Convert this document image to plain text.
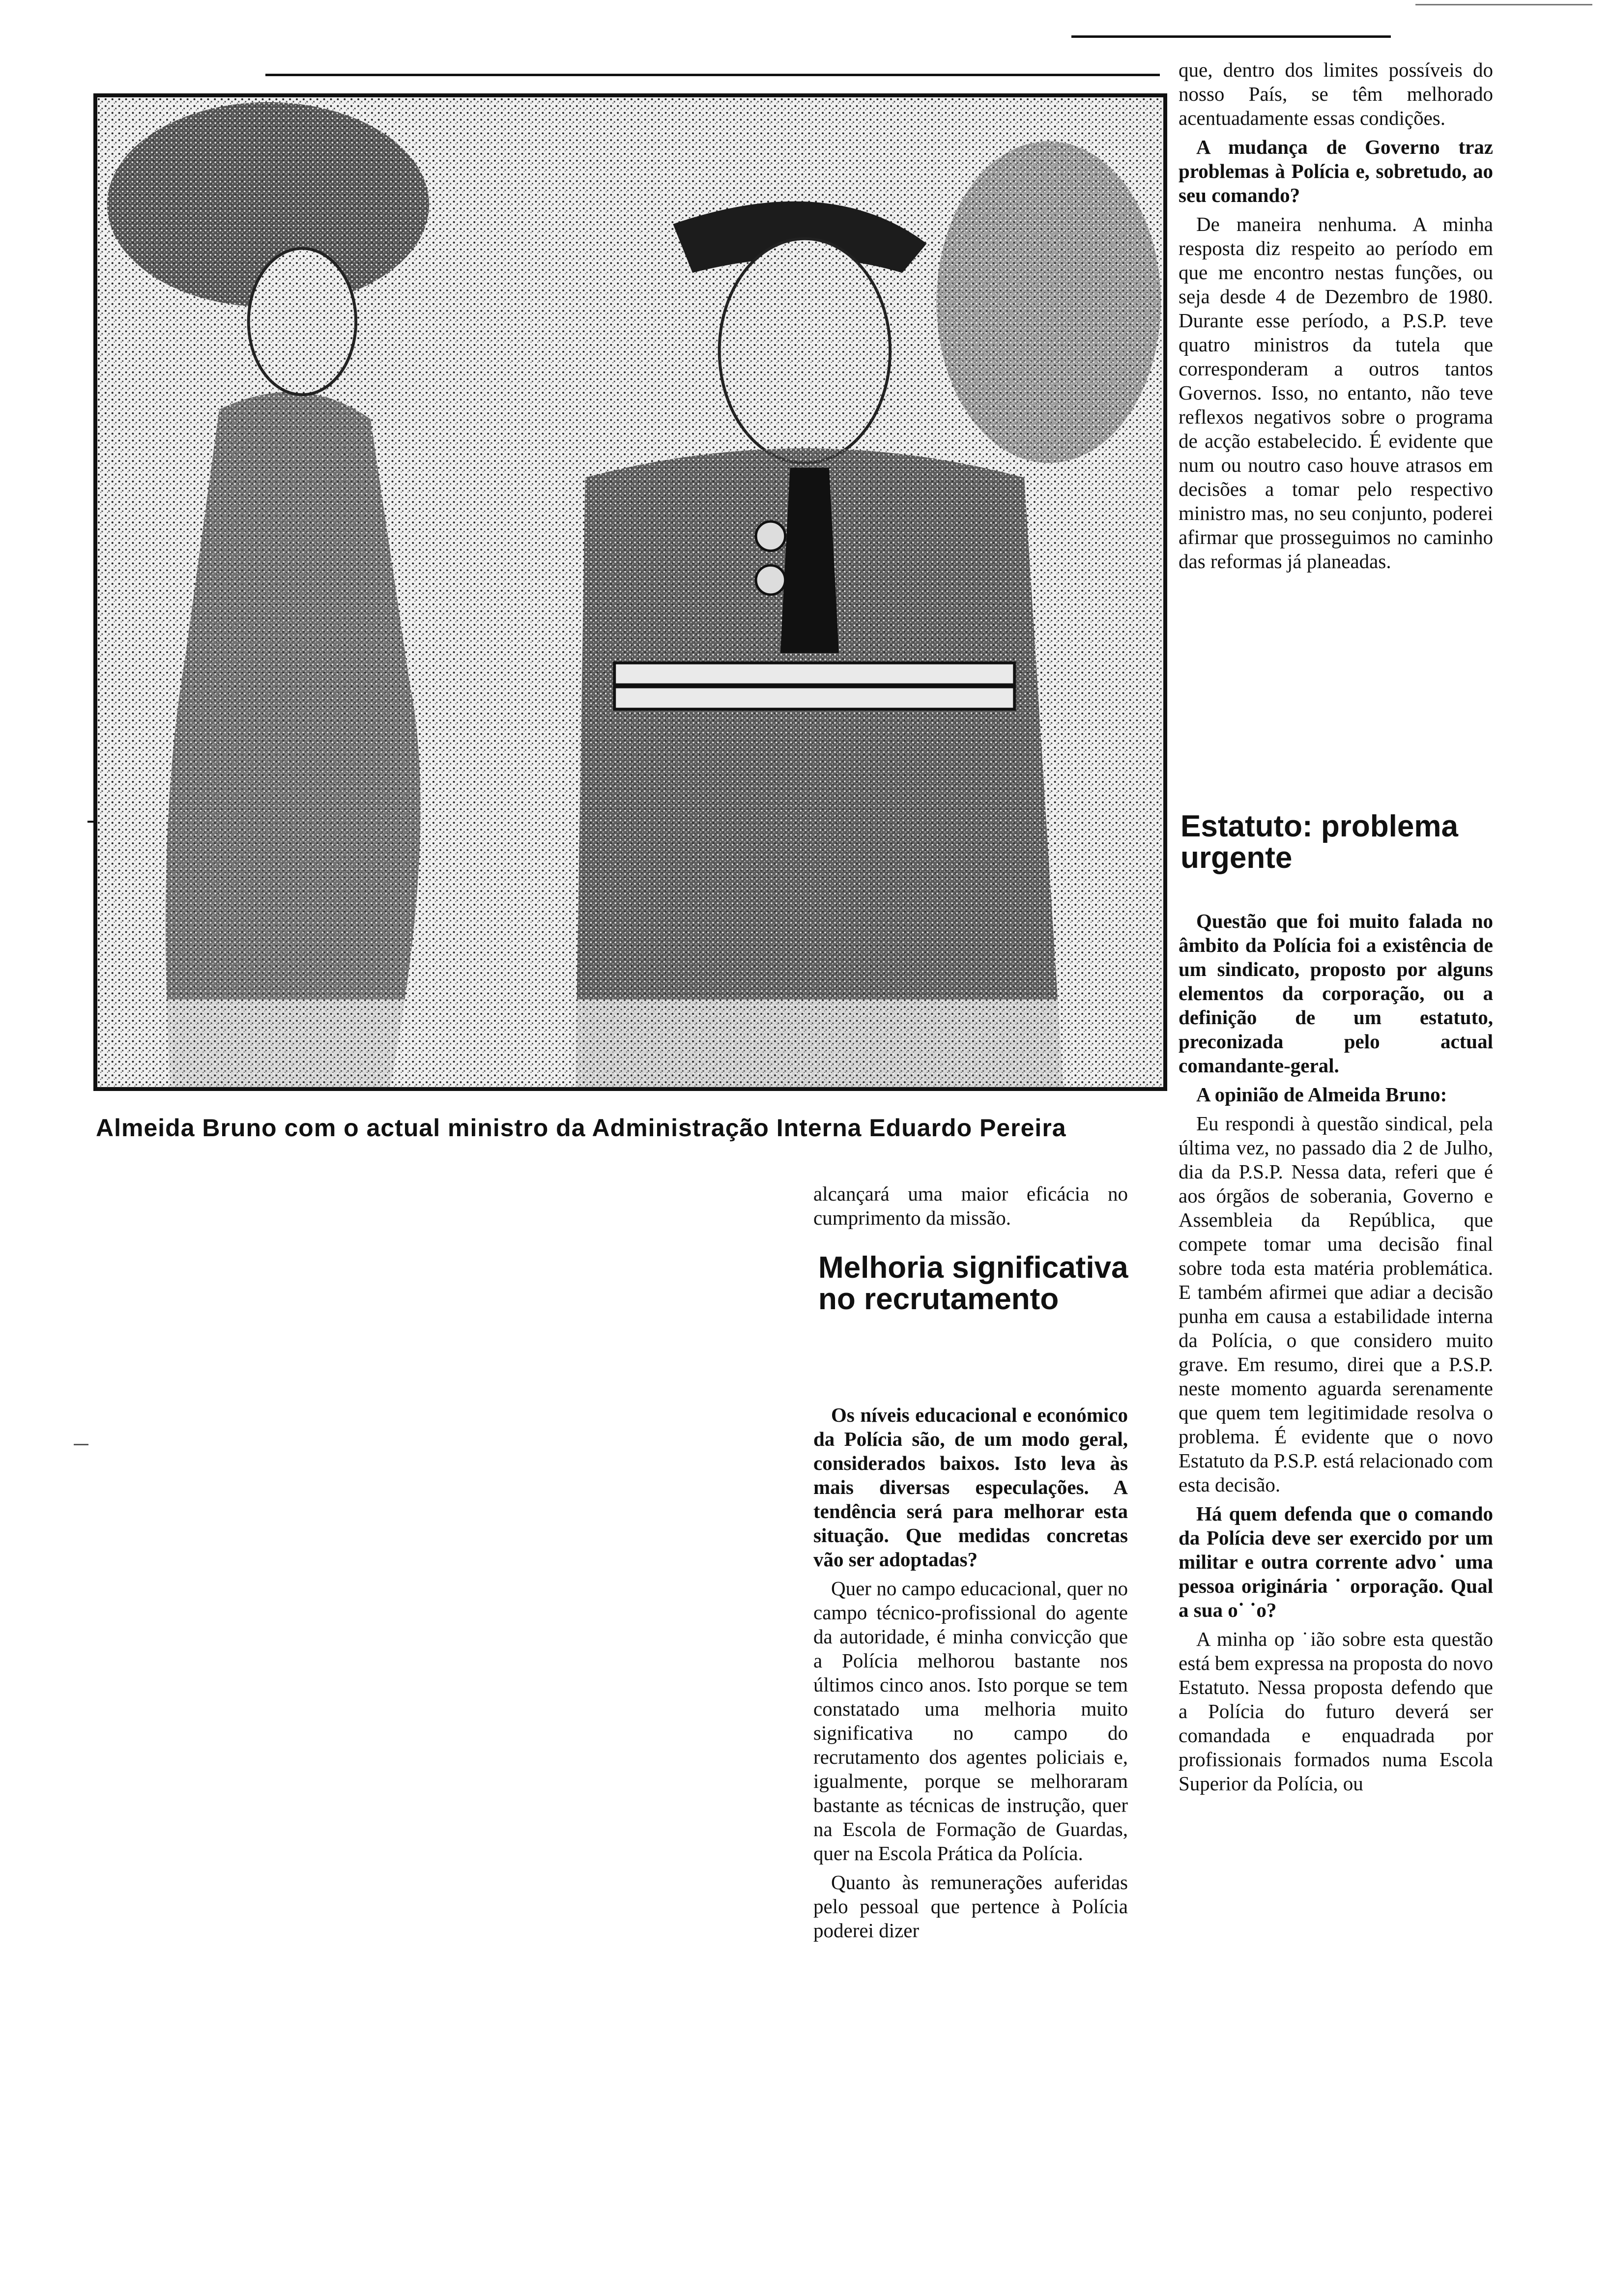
Almeida Bruno com o actual ministro da Administração Interna Eduardo Pereira

alcançará uma maior eficácia no cumprimento da missão.

Melhoria significativa no recrutamento

Os níveis educacional e económico da Polícia são, de um modo geral, considerados baixos. Isto leva às mais diversas especulações. A tendência será para melhorar esta situação. Que medidas concretas vão ser adoptadas?

Quer no campo educacional, quer no campo técnico-profissional do agente da autoridade, é minha convicção que a Polícia melhorou bastante nos últimos cinco anos. Isto porque se tem constatado uma melhoria muito significativa no campo do recrutamento dos agentes policiais e, igualmente, porque se melhoraram bastante as técnicas de instrução, quer na Escola de Formação de Guardas, quer na Escola Prática da Polícia.

Quanto às remunerações auferidas pelo pessoal que pertence à Polícia poderei dizer

que, dentro dos limites possíveis do nosso País, se têm melhorado acentuadamente essas condições.

A mudança de Governo traz problemas à Polícia e, sobretudo, ao seu comando?

De maneira nenhuma. A minha resposta diz respeito ao período em que me encontro nestas funções, ou seja desde 4 de Dezembro de 1980. Durante esse período, a P.S.P. teve quatro ministros da tutela que corresponderam a outros tantos Governos. Isso, no entanto, não teve reflexos negativos sobre o programa de acção estabelecido. É evidente que num ou noutro caso houve atrasos em decisões a tomar pelo respectivo ministro mas, no seu conjunto, poderei afirmar que prosseguimos no caminho das reformas já planeadas.

Estatuto: problema urgente

Questão que foi muito falada no âmbito da Polícia foi a existência de um sindicato, proposto por alguns elementos da corporação, ou a definição de um estatuto, preconizada pelo actual comandante-geral.

A opinião de Almeida Bruno:

Eu respondi à questão sindical, pela última vez, no passado dia 2 de Julho, dia da P.S.P. Nessa data, referi que é aos órgãos de soberania, Governo e Assembleia da República, que compete tomar uma decisão final sobre toda esta matéria problemática. E também afirmei que adiar a decisão punha em causa a estabilidade interna da Polícia, o que considero muito grave. Em resumo, direi que a P.S.P. neste momento aguarda serenamente que quem tem legitimidade resolva o problema. É evidente que o novo Estatuto da P.S.P. está relacionado com esta decisão.

Há quem defenda que o comando da Polícia deve ser exercido por um militar e outra corrente advo˙ uma pessoa originária ˙ orporação. Qual a sua o˙ ˙o?

A minha op ˙ião sobre esta questão está bem expressa na proposta do novo Estatuto. Nessa proposta defendo que a Polícia do futuro deverá ser comandada e enquadrada por profissionais formados numa Escola Superior da Polícia, ou
